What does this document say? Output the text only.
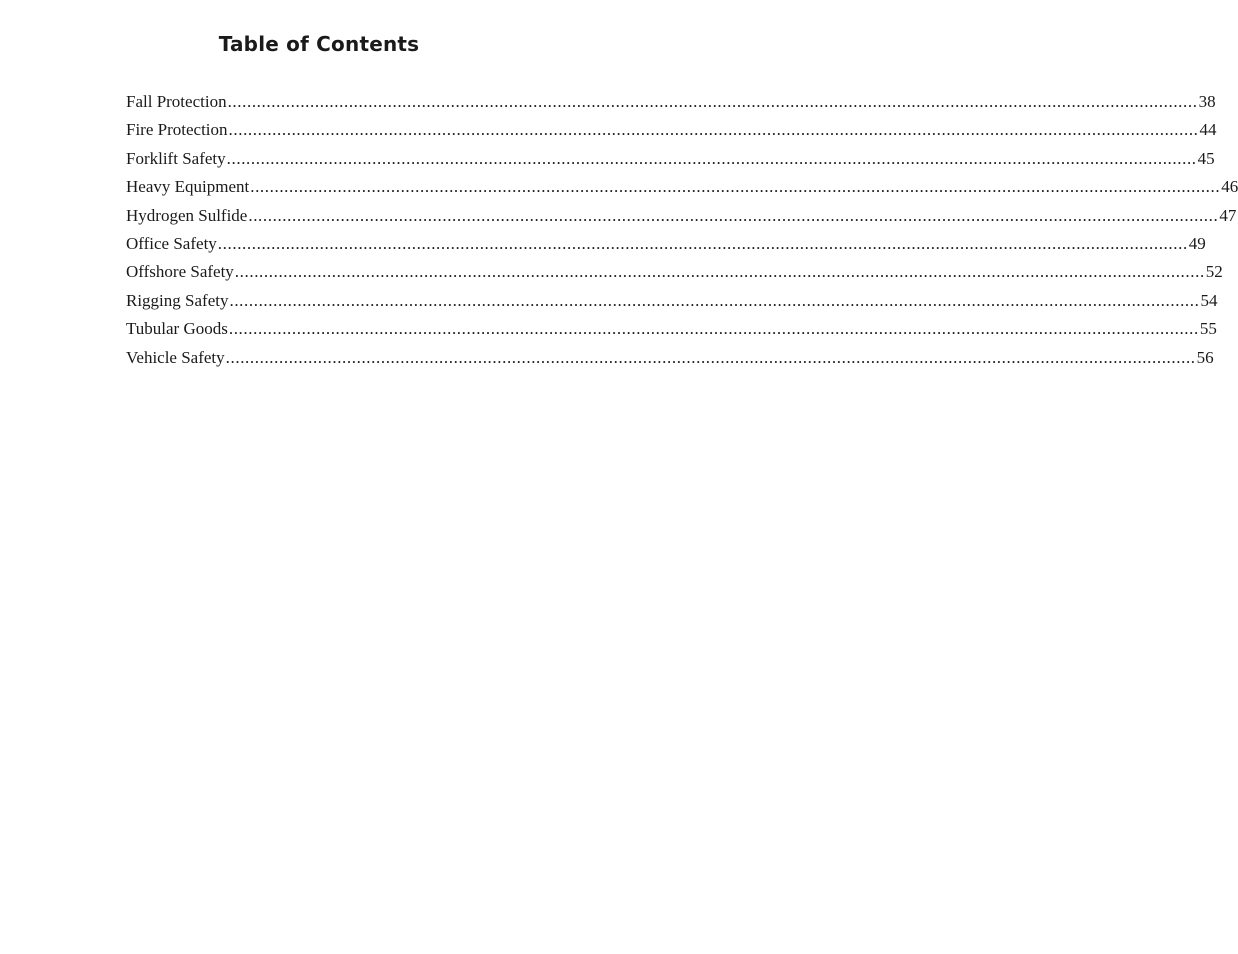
Table of Contents
Fall Protection ........................................................................................................................................................................................................ 38
Fire Protection ........................................................................................................................................................................................................ 44
Forklift Safety ........................................................................................................................................................................................................ 45
Heavy Equipment ........................................................................................................................................................................................................ 46
Hydrogen Sulfide ........................................................................................................................................................................................................ 47
Office Safety ........................................................................................................................................................................................................ 49
Offshore Safety ........................................................................................................................................................................................................ 52
Rigging Safety ........................................................................................................................................................................................................ 54
Tubular Goods ........................................................................................................................................................................................................ 55
Vehicle Safety ........................................................................................................................................................................................................ 56
